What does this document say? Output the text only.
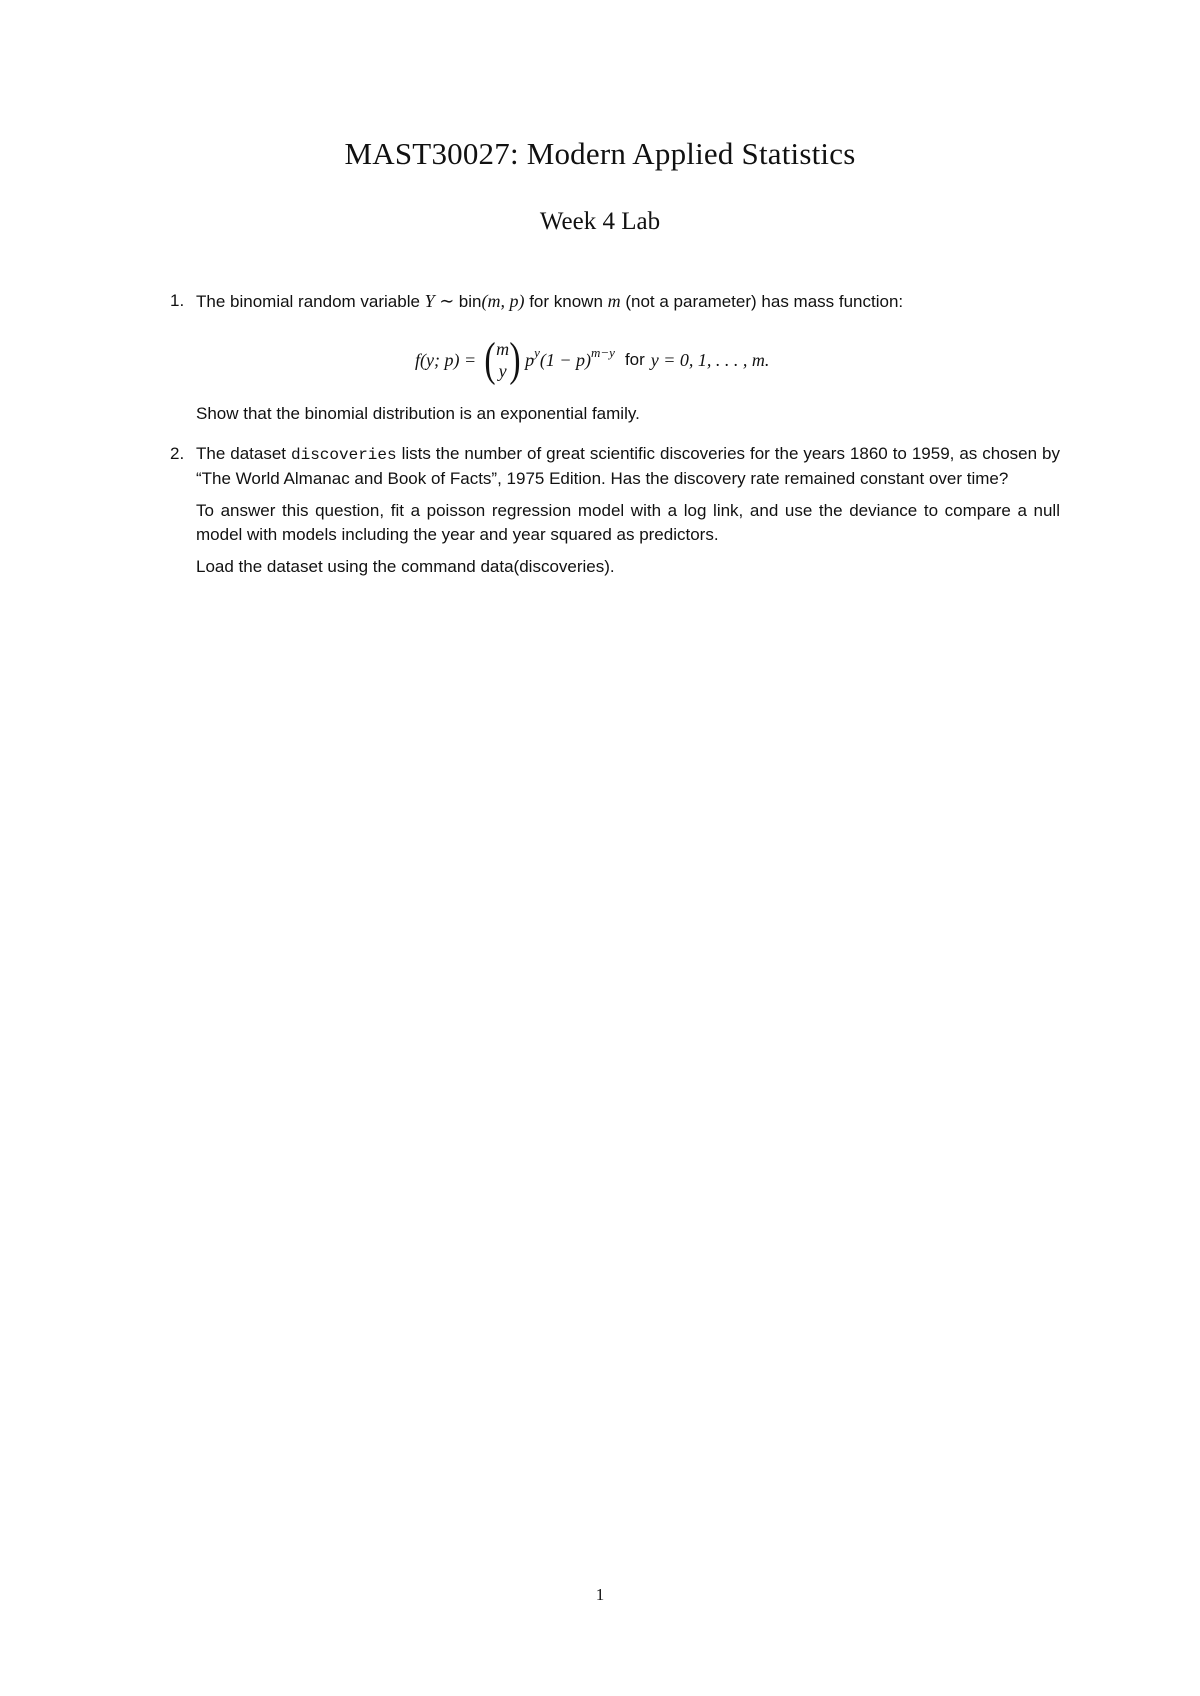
MAST30027: Modern Applied Statistics
Week 4 Lab
1. The binomial random variable Y ∼ bin(m, p) for known m (not a parameter) has mass function:

f(y; p) = ( m
y ) $p^y$ $(1 - p)^{m-y}$ for y = 0, 1, . . . , m.

Show that the binomial distribution is an exponential family.

2. The dataset discoveries lists the number of great scientific discoveries for the years 1860 to 1959, as chosen by “The World Almanac and Book of Facts”, 1975 Edition. Has the discovery rate remained constant over time?

To answer this question, fit a poisson regression model with a log link, and use the deviance to compare a null model with models including the year and year squared as predictors.

Load the dataset using the command data(discoveries).

1
